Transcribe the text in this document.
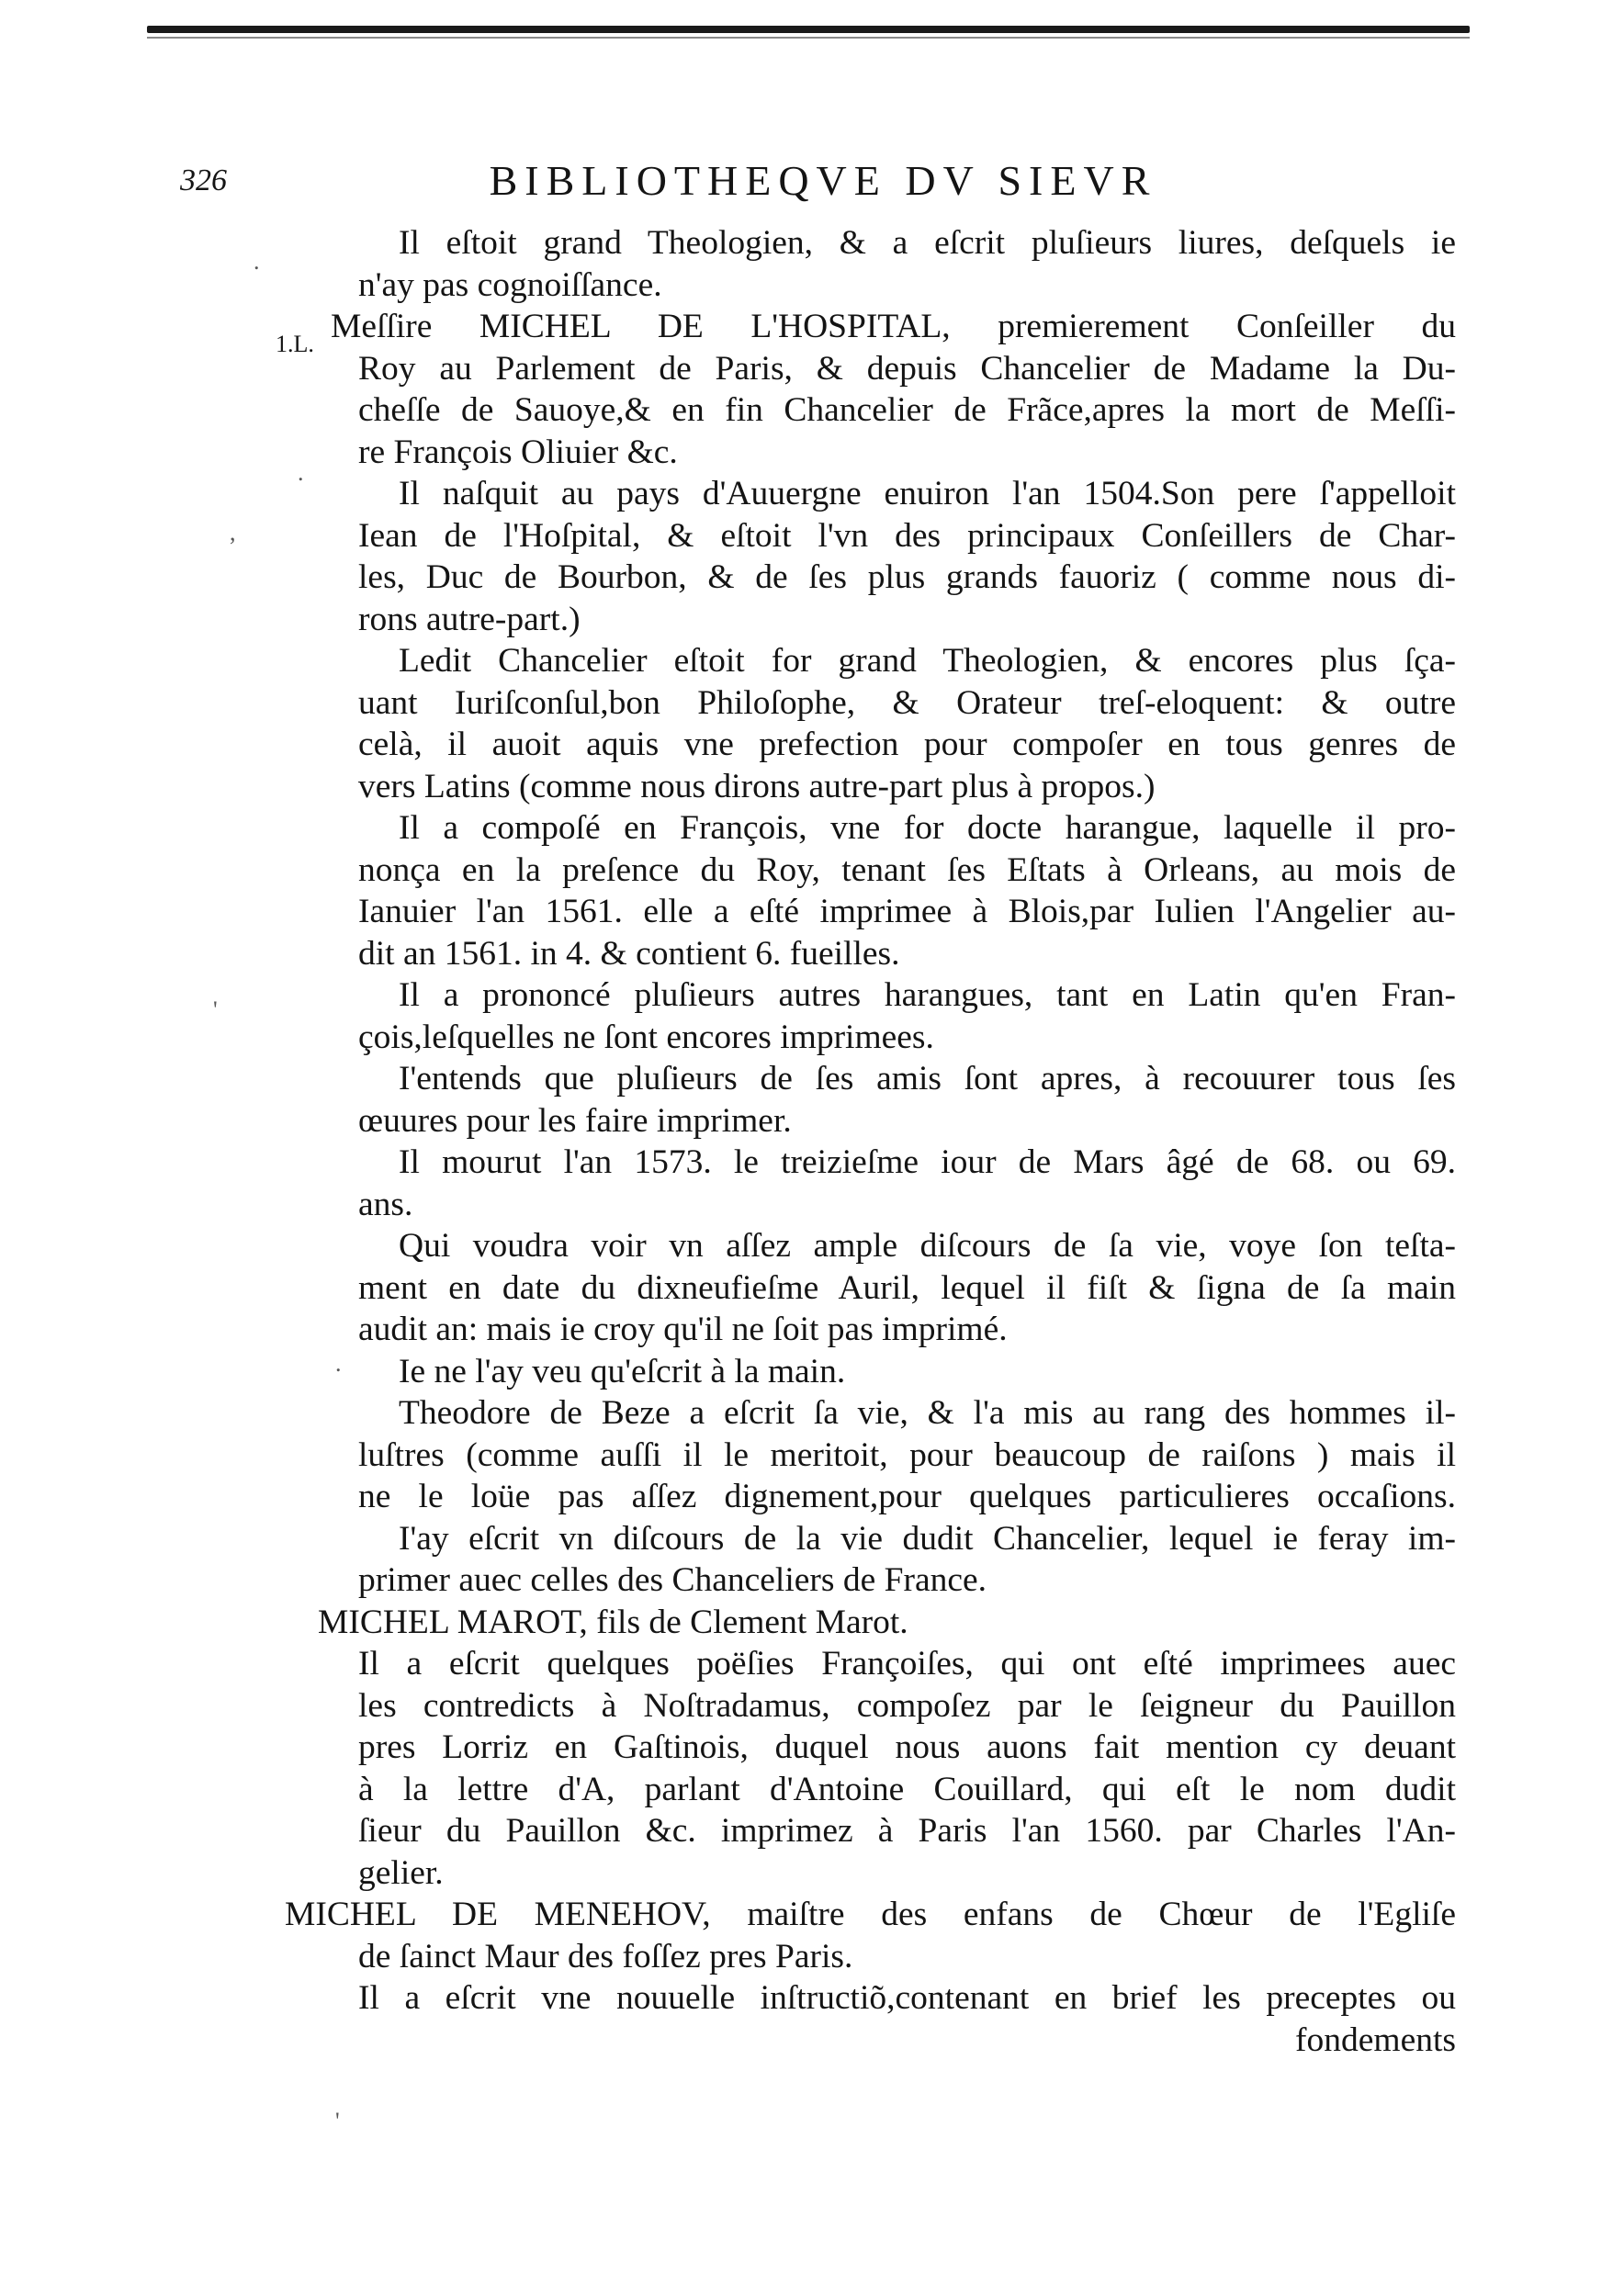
326	BIBLIOTHEQVE DV SIEVR
1.L.
.
,
.
'
.
'
Il eſtoit grand Theologien, & a eſcrit pluſieurs liures, deſquels ie
n'ay pas cognoiſſance.
Meſſire MICHEL DE L'HOSPITAL, premierement Conſeiller du
Roy au Parlement de Paris, & depuis Chancelier de Madame la Du-
cheſſe de Sauoye,& en fin Chancelier de Frãce,apres la mort de Meſſi-
re François Oliuier &c.
Il naſquit au pays d'Auuergne enuiron l'an 1504.Son pere ſ'appelloit
Iean de l'Hoſpital, & eſtoit l'vn des principaux Conſeillers de Char-
les, Duc de Bourbon, & de ſes plus grands fauoriz ( comme nous di-
rons autre-part.)
Ledit Chancelier eſtoit for grand Theologien, & encores plus ſça-
uant Iuriſconſul,bon Philoſophe, & Orateur treſ-eloquent: & outre
celà, il auoit aquis vne prefection pour compoſer en tous genres de
vers Latins (comme nous dirons autre-part plus à propos.)
Il a compoſé en François, vne for docte harangue, laquelle il pro-
nonça en la preſence du Roy, tenant ſes Eſtats à Orleans, au mois de
Ianuier l'an 1561. elle a eſté imprimee à Blois,par Iulien l'Angelier au-
dit an 1561. in 4. & contient 6. fueilles.
Il a prononcé pluſieurs autres harangues, tant en Latin qu'en Fran-
çois,leſquelles ne ſont encores imprimees.
I'entends que pluſieurs de ſes amis ſont apres, à recouurer tous ſes
œuures pour les faire imprimer.
Il mourut l'an 1573. le treizieſme iour de Mars âgé de 68. ou 69.
ans.
Qui voudra voir vn aſſez ample diſcours de ſa vie, voye ſon teſta-
ment en date du dixneufieſme Auril, lequel il fiſt & ſigna de ſa main
audit an: mais ie croy qu'il ne ſoit pas imprimé.
Ie ne l'ay veu qu'eſcrit à la main.
Theodore de Beze a eſcrit ſa vie, & l'a mis au rang des hommes il-
luſtres (comme auſſi il le meritoit, pour beaucoup de raiſons ) mais il
ne le loüe pas aſſez dignement,pour quelques particulieres occaſions.
I'ay eſcrit vn diſcours de la vie dudit Chancelier, lequel ie feray im-
primer auec celles des Chanceliers de France.
MICHEL MAROT, fils de Clement Marot.
Il a eſcrit quelques poëſies Françoiſes, qui ont eſté imprimees auec
les contredicts à Noſtradamus, compoſez par le ſeigneur du Pauillon
pres Lorriz en Gaſtinois, duquel nous auons fait mention cy deuant
à la lettre d'A, parlant d'Antoine Couillard, qui eſt le nom dudit
ſieur du Pauillon &c. imprimez à Paris l'an 1560. par Charles l'An-
gelier.
MICHEL DE MENEHOV, maiſtre des enfans de Chœur de l'Egliſe
de ſainct Maur des foſſez pres Paris.
Il a eſcrit vne nouuelle inſtructiõ,contenant en brief les preceptes ou
fondements
